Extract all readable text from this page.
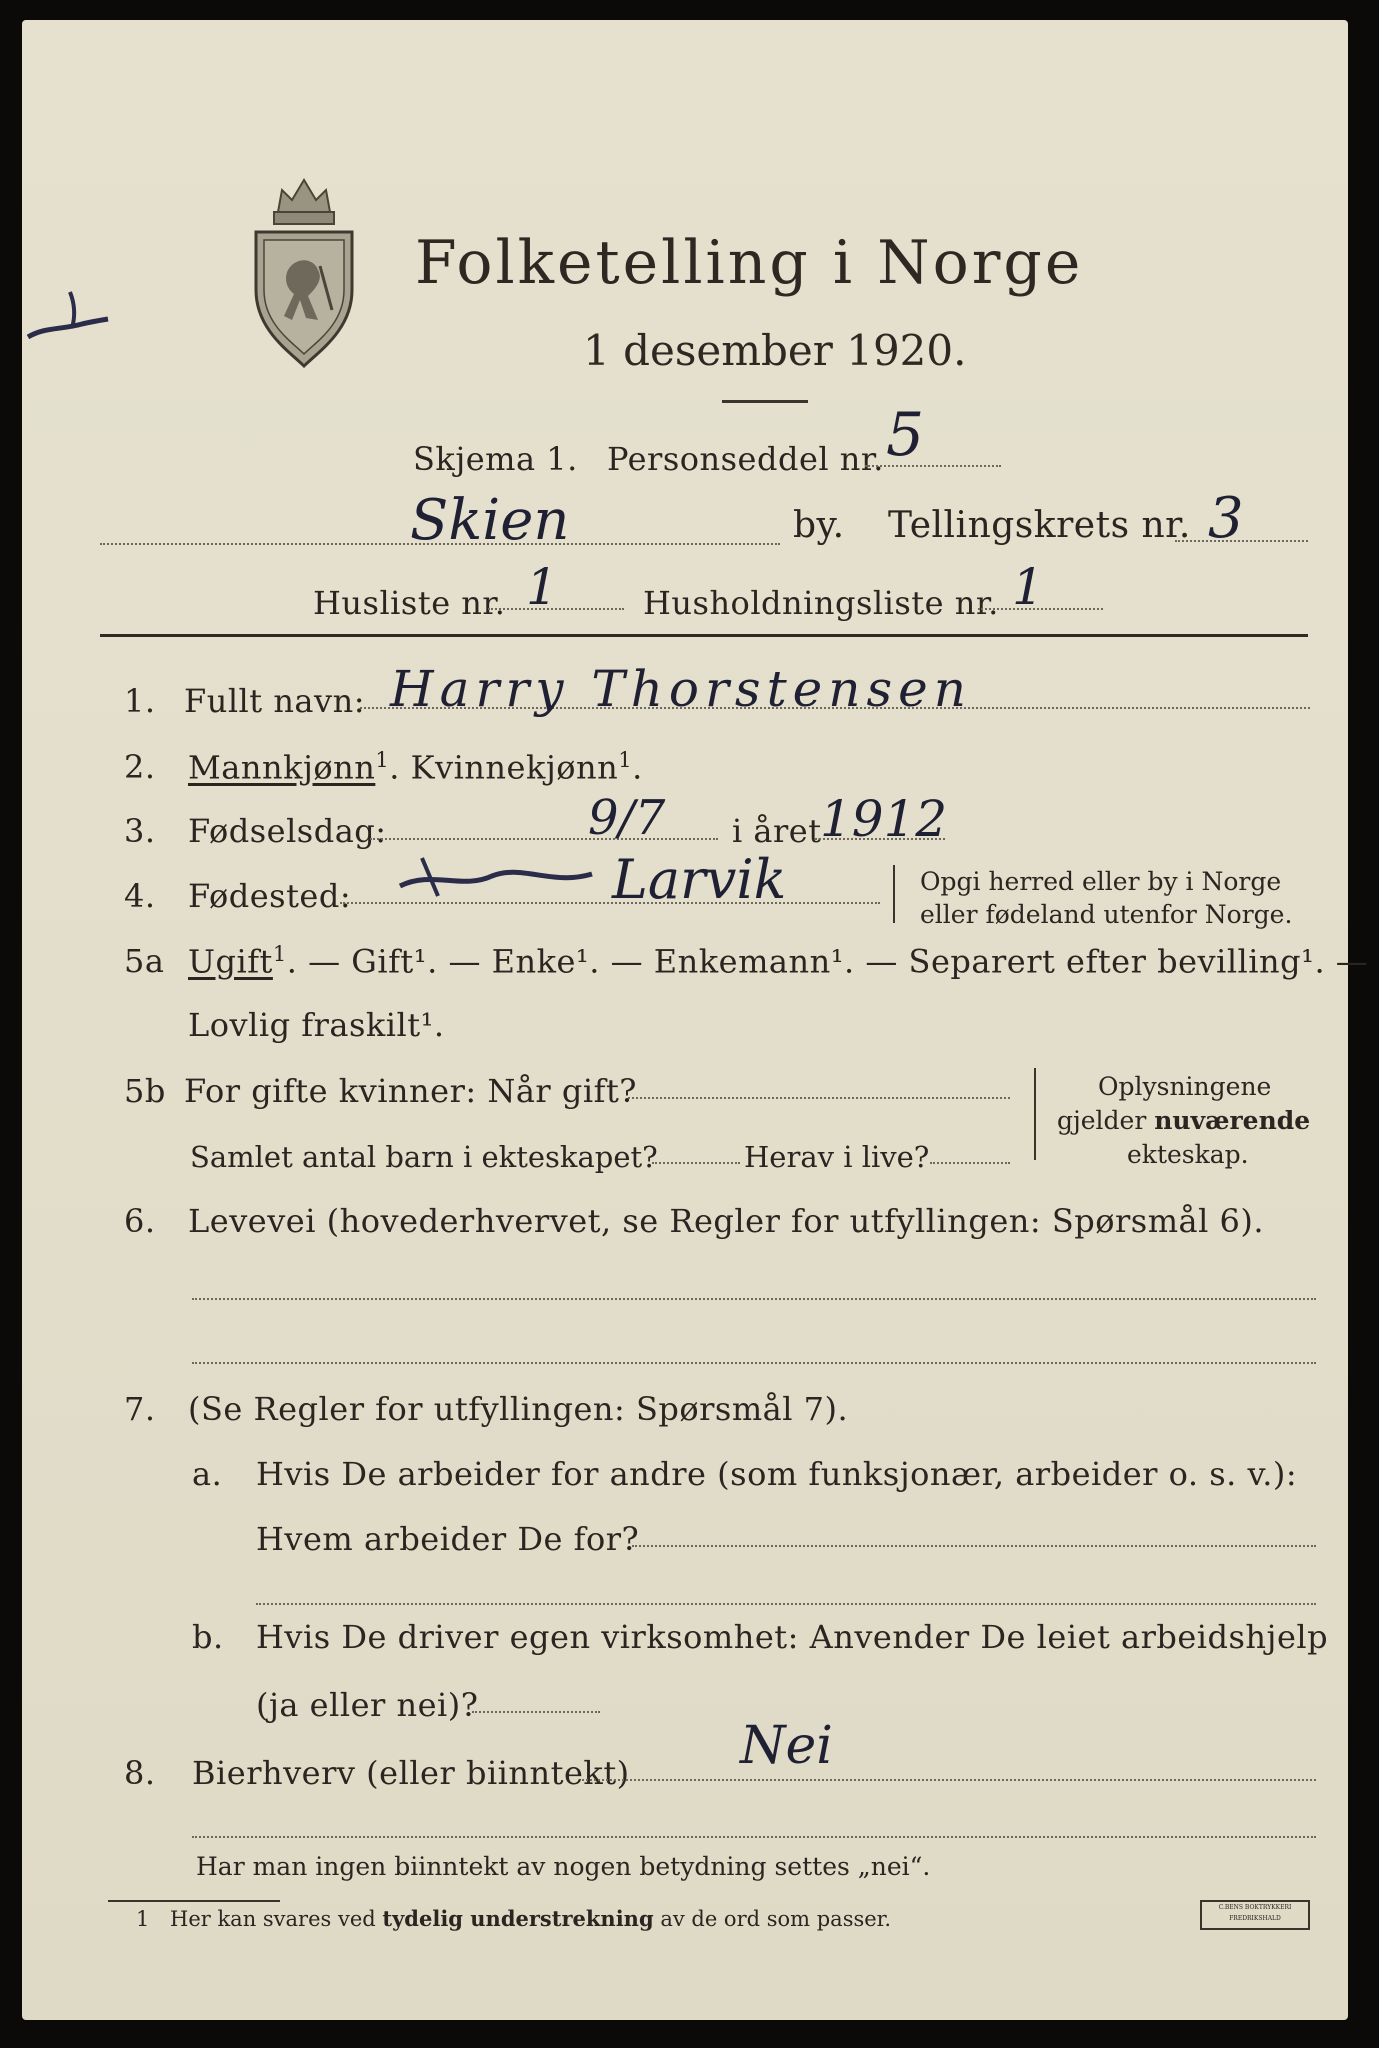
Folketelling i Norge
1 desember 1920.
Skjema 1. Personseddel nr. 5
Skien	by. Tellingskrets nr. 3
Husliste nr. 1	Husholdningsliste nr. 1
1. Fullt navn: Harry Thorstensen
2. Mannkjønn$^1$. Kvinnekjønn$^1$.
3. Fødselsdag:	9/7 i året
1912
4. Fødested:	Larvik	Opgi herred eller by i Norge
eller fødeland utenfor Norge.
5a Ugift$^1$. — Gift¹. — Enke¹. — Enkemann¹. — Separert efter bevilling¹. —
Lovlig fraskilt¹.
5b For gifte kvinner: Når gift?
Samlet antal barn i ekteskapet?	Herav i live?
Oplysningene
gjelder nuværende
ekteskap.
6. Levevei (hovederhvervet, se Regler for utfyllingen: Spørsmål 6).
7. (Se Regler for utfyllingen: Spørsmål 7).
a. Hvis De arbeider for andre (som funksjonær, arbeider o. s. v.):
Hvem arbeider De for?
b. Hvis De driver egen virksomhet: Anvender De leiet arbeidshjelp
(ja eller nei)?
8. Bierhverv (eller biinntekt) Nei
Har man ingen biinntekt av nogen betydning settes „nei“.
1 Her kan svares ved tydelig understrekning av de ord som passer.	C.BENS BOKTRYKKERI FREDRIKSHALD
